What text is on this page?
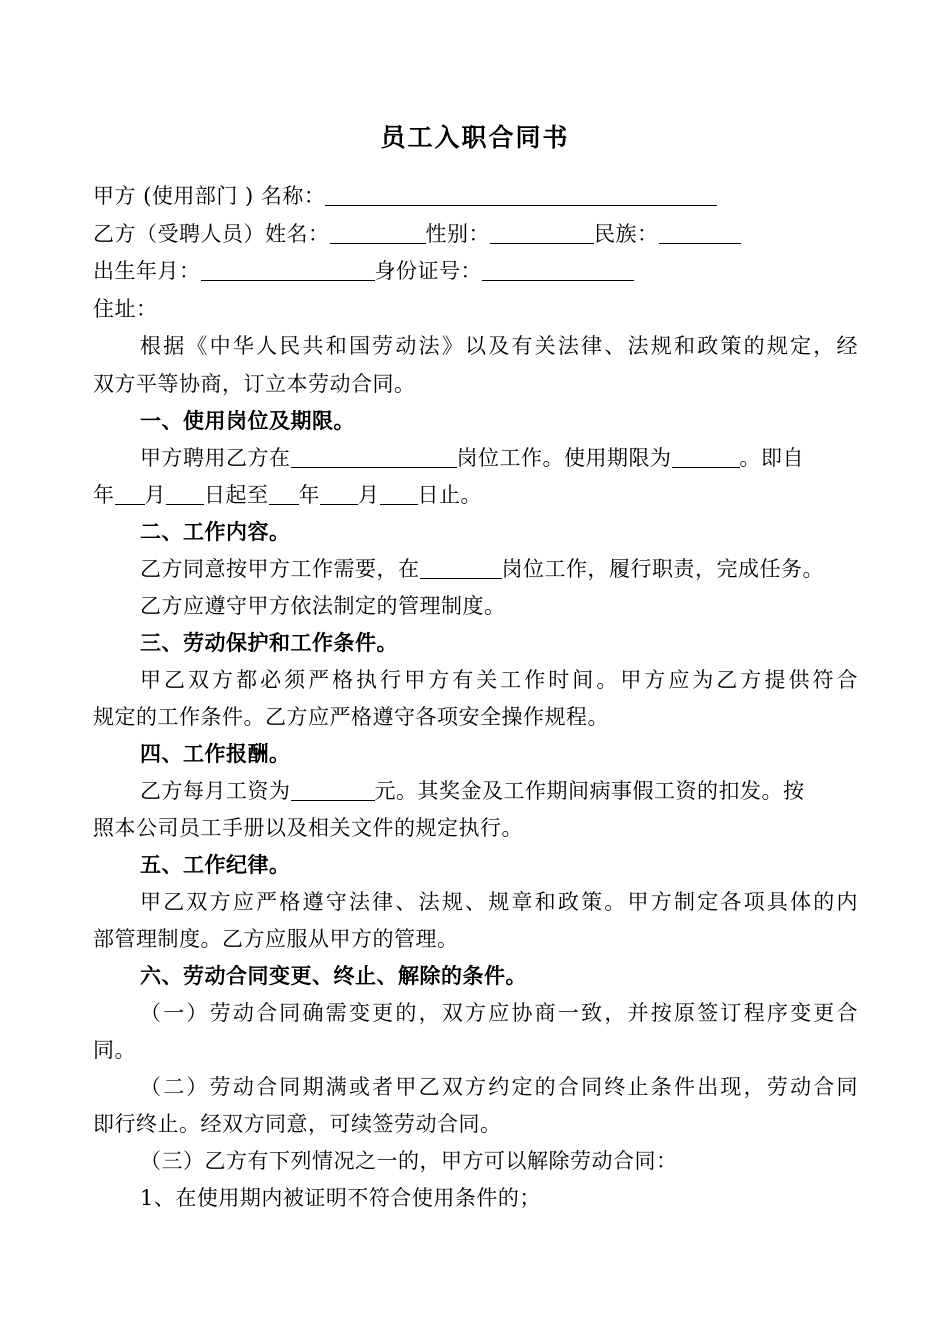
员工入职合同书
甲方 (使用部门 ) 名称：
乙方（受聘人员）姓名：	性别：	民族：
出生年月：	身份证号：
住址：
根据《中华人民共和国劳动法》以及有关法律、法规和政策的规定，经
双方平等协商，订立本劳动合同。
一、使用岗位及期限。
甲方聘用乙方在	岗位工作。使用期限为	。即自
年 月 日起至 年 月 日止。
二、工作内容。
乙方同意按甲方工作需要，在	岗位工作，履行职责，完成任务。
乙方应遵守甲方依法制定的管理制度。
三、劳动保护和工作条件。
甲乙双方都必须严格执行甲方有关工作时间。甲方应为乙方提供符合
规定的工作条件。乙方应严格遵守各项安全操作规程。
四、工作报酬。
乙方每月工资为	元。其奖金及工作期间病事假工资的扣发。按
照本公司员工手册以及相关文件的规定执行。
五、工作纪律。
甲乙双方应严格遵守法律、法规、规章和政策。甲方制定各项具体的内
部管理制度。乙方应服从甲方的管理。
六、劳动合同变更、终止、解除的条件。
（一）劳动合同确需变更的，双方应协商一致，并按原签订程序变更合
同。
（二）劳动合同期满或者甲乙双方约定的合同终止条件出现，劳动合同
即行终止。经双方同意，可续签劳动合同。
（三）乙方有下列情况之一的，甲方可以解除劳动合同：
1、在使用期内被证明不符合使用条件的；
